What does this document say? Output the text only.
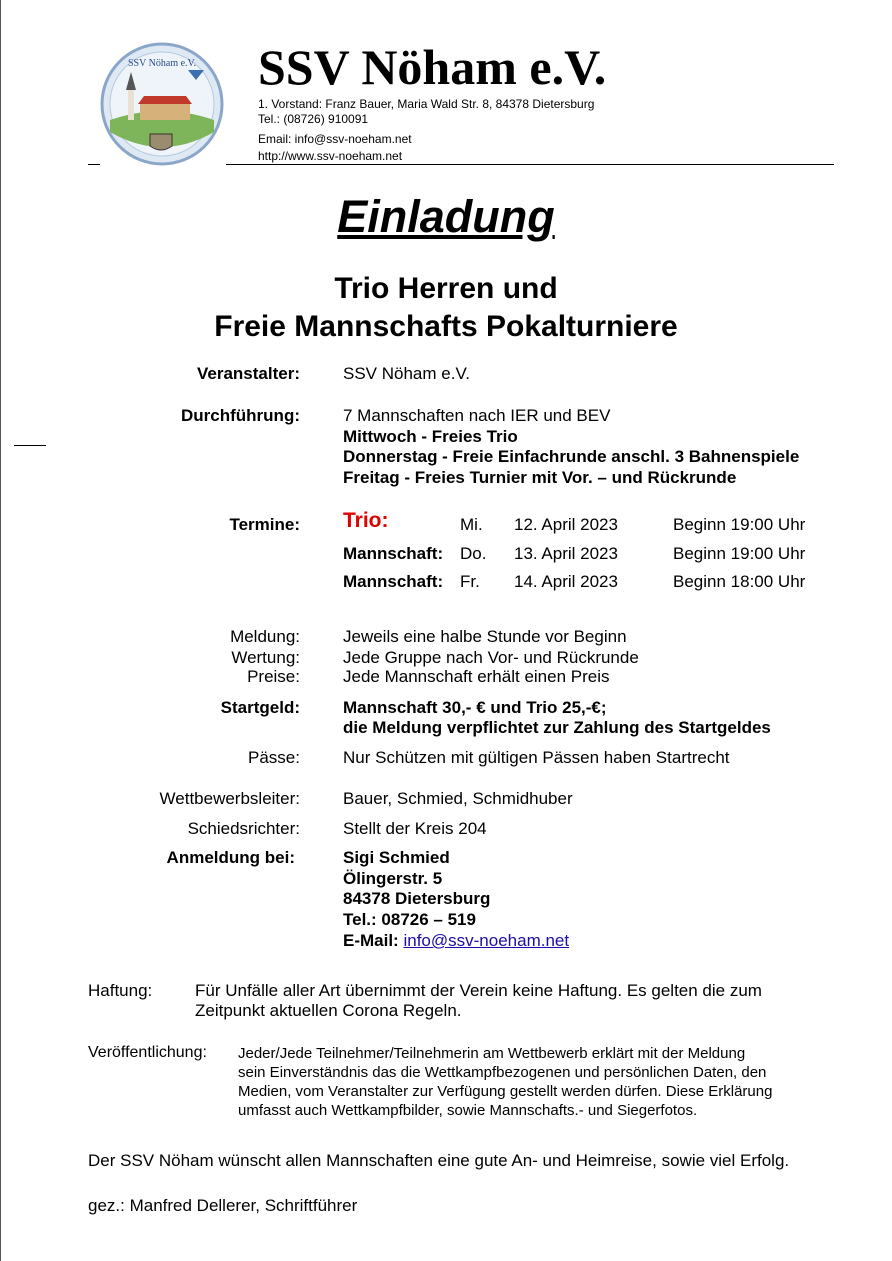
SSV Nöham e.V. SSV Nöham e.V.
1. Vorstand: Franz Bauer, Maria Wald Str. 8, 84378 Dietersburg
Tel.: (08726) 910091
Email: info@ssv-noeham.net
http://www.ssv-noeham.net
Einladung
Trio Herren und
Freie Mannschafts Pokalturniere
Veranstalter:	SSV Nöham e.V.
Durchführung:	7 Mannschaften nach IER und BEV
Mittwoch - Freies Trio
Donnerstag - Freie Einfachrunde anschl. 3 Bahnenspiele
Freitag - Freies Turnier mit Vor. – und Rückrunde
Termine: Trio:	Mi. 12. April 2023	Beginn 19:00 Uhr
Mannschaft: Do. 13. April 2023	Beginn 19:00 Uhr
Mannschaft: Fr. 14. April 2023	Beginn 18:00 Uhr
Meldung:	Jeweils eine halbe Stunde vor Beginn
Wertung:	Jede Gruppe nach Vor- und Rückrunde
Preise:	Jede Mannschaft erhält einen Preis
Startgeld:	Mannschaft 30,- € und Trio 25,-€;
die Meldung verpflichtet zur Zahlung des Startgeldes
Pässe:	Nur Schützen mit gültigen Pässen haben Startrecht
Wettbewerbsleiter:	Bauer, Schmied, Schmidhuber
Schiedsrichter:	Stellt der Kreis 204
Anmeldung bei:	Sigi Schmied
Ölingerstr. 5
84378 Dietersburg
Tel.: 08726 – 519
E-Mail: info@ssv-noeham.net
Haftung:	Für Unfälle aller Art übernimmt der Verein keine Haftung. Es gelten die zum
Zeitpunkt aktuellen Corona Regeln.
Veröffentlichung: Jeder/Jede Teilnehmer/Teilnehmerin am Wettbewerb erklärt mit der Meldung
sein Einverständnis das die Wettkampfbezogenen und persönlichen Daten, den
Medien, vom Veranstalter zur Verfügung gestellt werden dürfen. Diese Erklärung
umfasst auch Wettkampfbilder, sowie Mannschafts.- und Siegerfotos.
Der SSV Nöham wünscht allen Mannschaften eine gute An- und Heimreise, sowie viel Erfolg.
gez.: Manfred Dellerer, Schriftführer
